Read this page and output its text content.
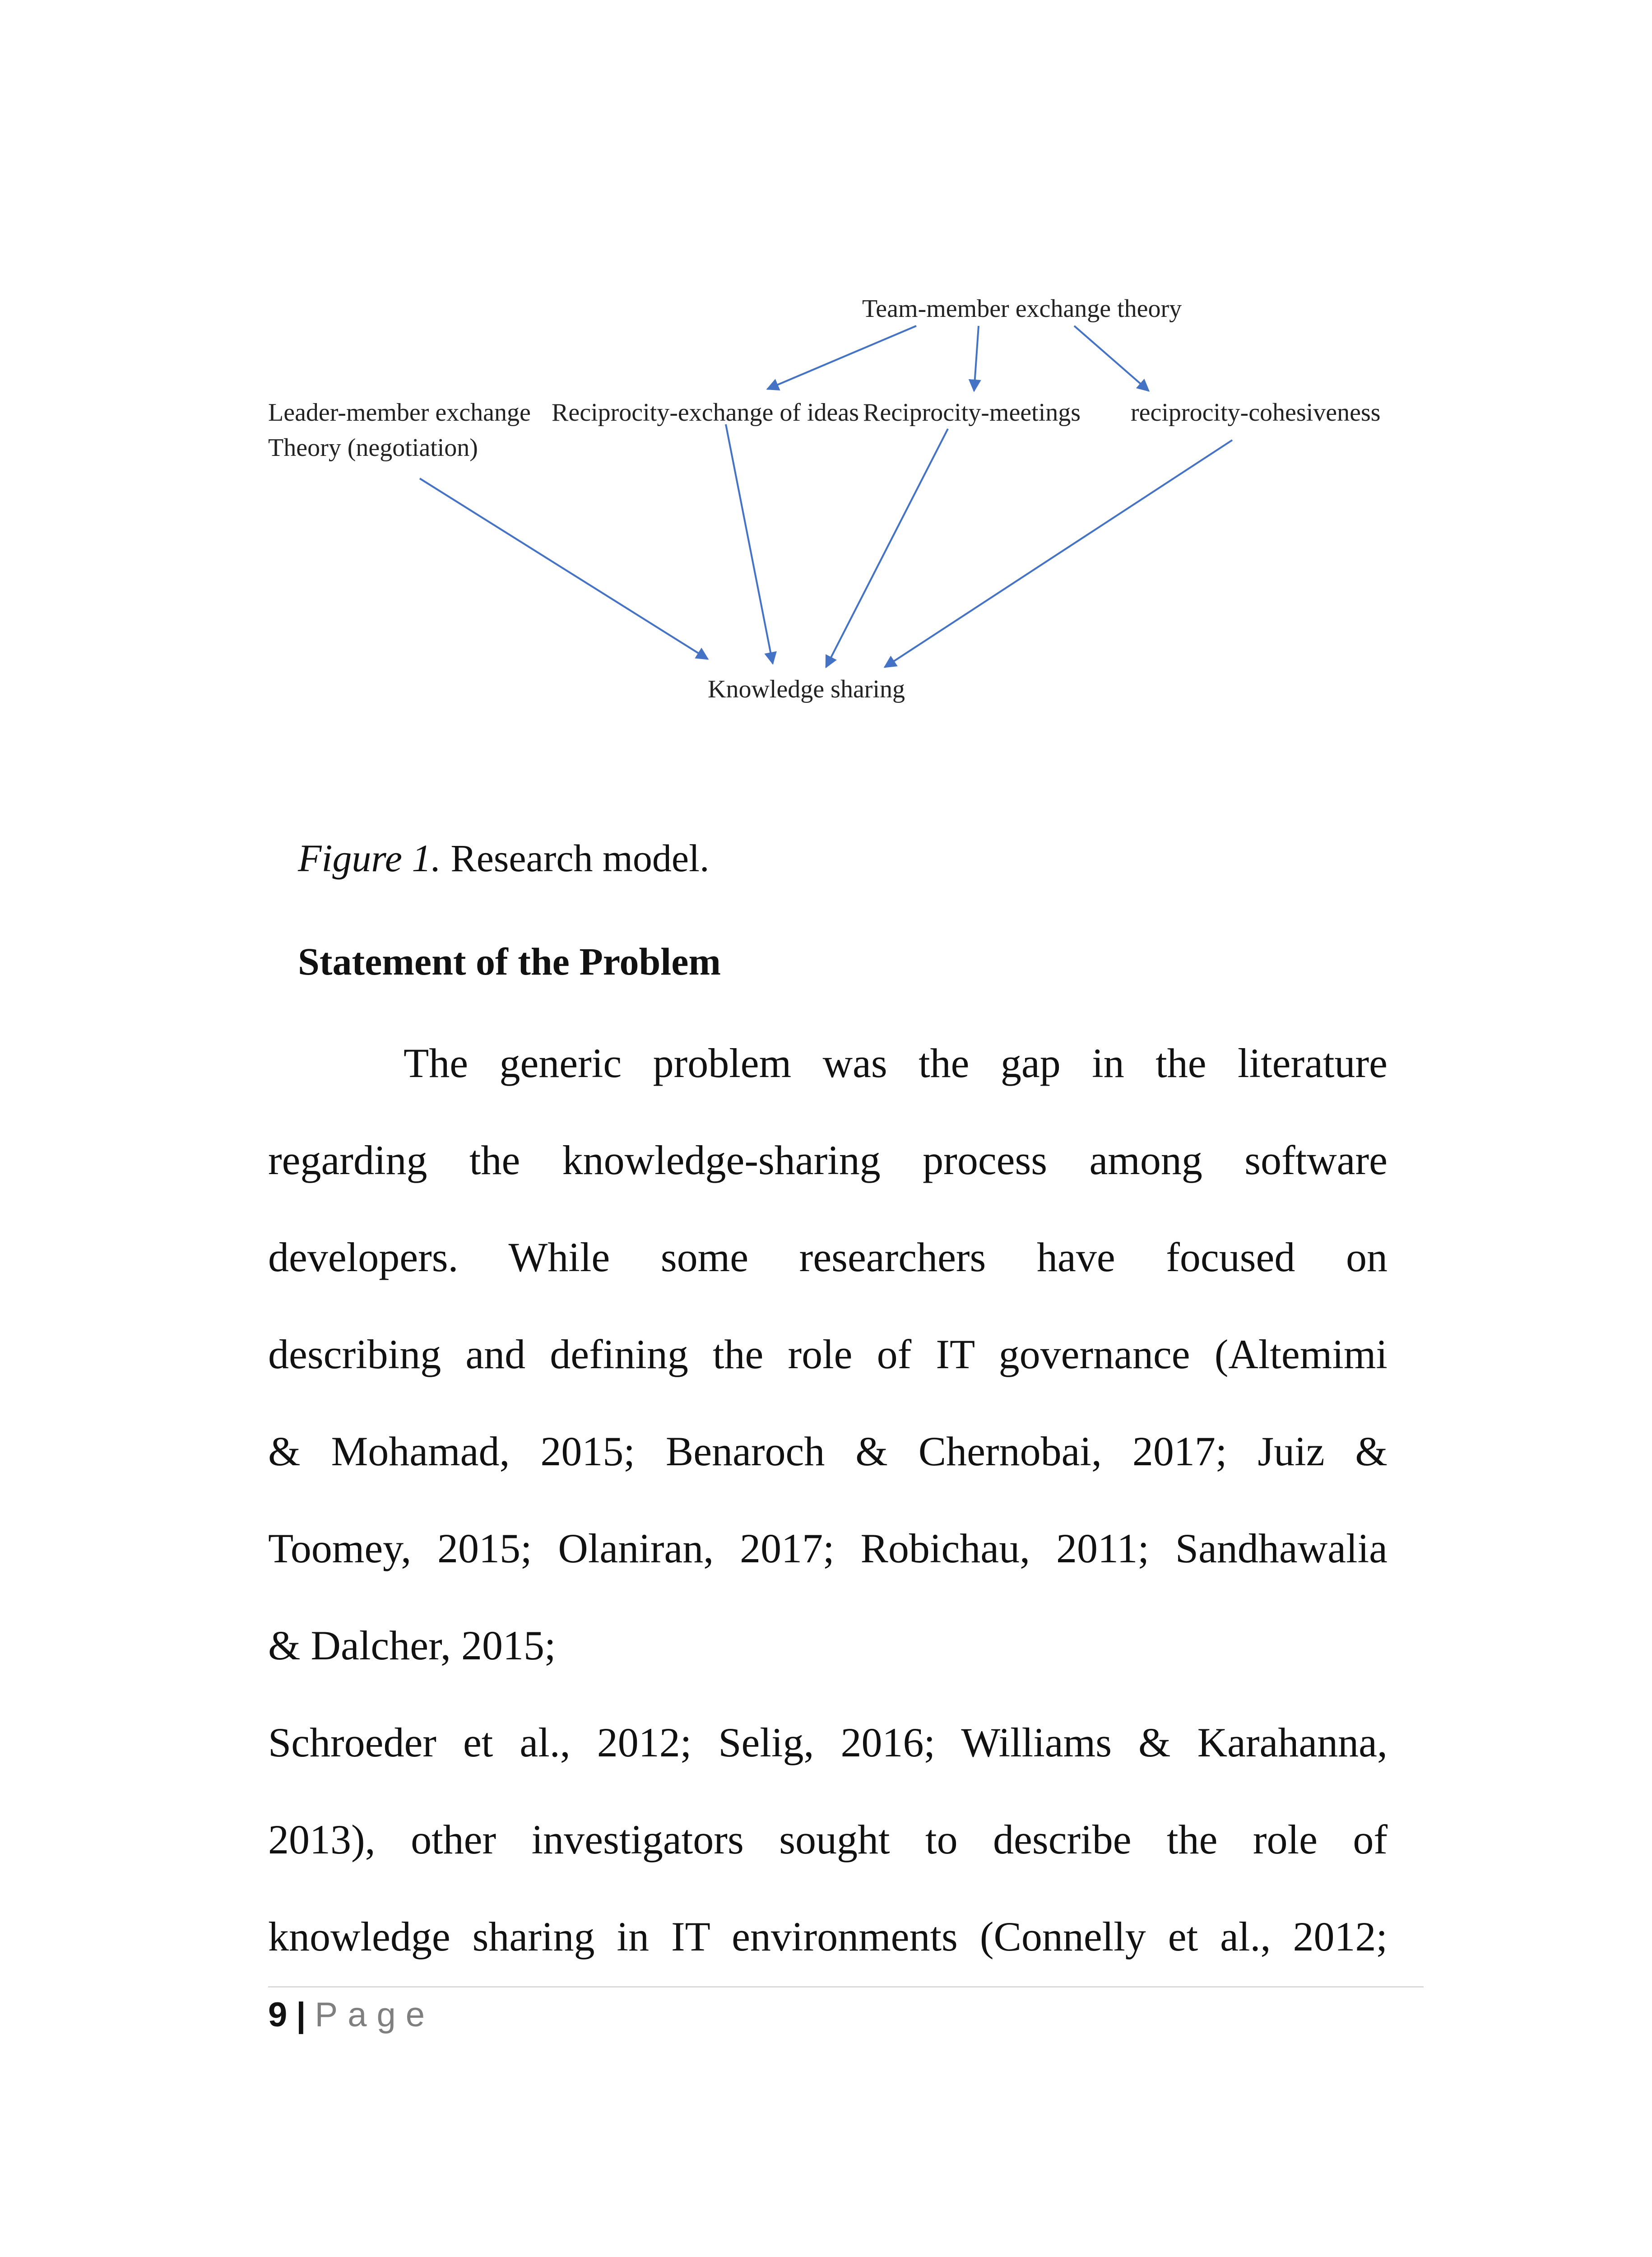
Team-member exchange theory
Leader-member exchange
Theory (negotiation)
Reciprocity-exchange of ideas Reciprocity-meetings reciprocity-cohesiveness
Knowledge sharing
Figure 1. Research model.
Statement of the Problem

The generic problem was the gap in the literature

regarding the knowledge-sharing process among software

developers. While some researchers have focused on

describing and defining the role of IT governance (Altemimi

& Mohamad, 2015; Benaroch & Chernobai, 2017; Juiz &

Toomey, 2015; Olaniran, 2017; Robichau, 2011; Sandhawalia

& Dalcher, 2015;

Schroeder et al., 2012; Selig, 2016; Williams & Karahanna,

2013), other investigators sought to describe the role of

knowledge sharing in IT environments (Connelly et al., 2012;

9 | Page
